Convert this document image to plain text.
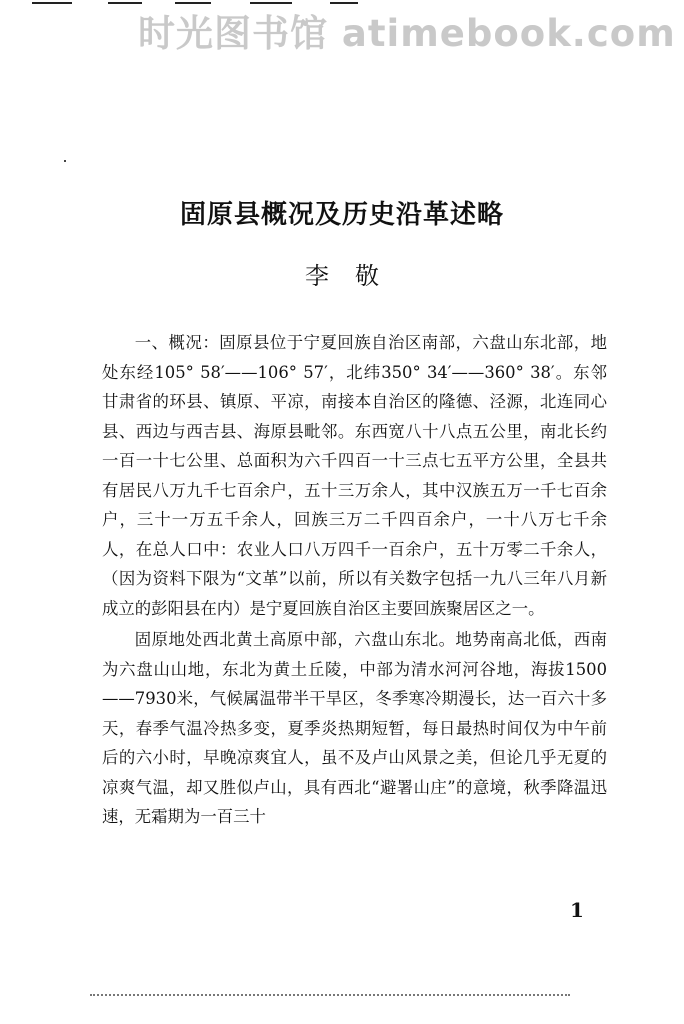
时光图书馆 atimebook.com
固原县概况及历史沿革述略
李敬

一、概况：固原县位于宁夏回族自治区南部，六盘山东北部，地处东经105° 58′——106° 57′，北纬350° 34′——360° 38′。东邻甘肃省的环县、镇原、平凉，南接本自治区的隆德、泾源，北连同心县、西边与西吉县、海原县毗邻。东西宽八十八点五公里，南北长约一百一十七公里、总面积为六千四百一十三点七五平方公里，全县共有居民八万九千七百余户，五十三万余人，其中汉族五万一千七百余户，三十一万五千余人，回族三万二千四百余户，一十八万七千余人，在总人口中：农业人口八万四千一百余户，五十万零二千余人，（因为资料下限为“文革”以前，所以有关数字包括一九八三年八月新成立的彭阳县在内）是宁夏回族自治区主要回族聚居区之一。

固原地处西北黄土高原中部，六盘山东北。地势南高北低，西南为六盘山山地，东北为黄土丘陵，中部为清水河河谷地，海拔1500——7930米，气候属温带半干旱区，冬季寒冷期漫长，达一百六十多天，春季气温冷热多变，夏季炎热期短暂，每日最热时间仅为中午前后的六小时，早晚凉爽宜人，虽不及卢山风景之美，但论几乎无夏的凉爽气温，却又胜似卢山，具有西北“避署山庄”的意境，秋季降温迅速，无霜期为一百三十

1
